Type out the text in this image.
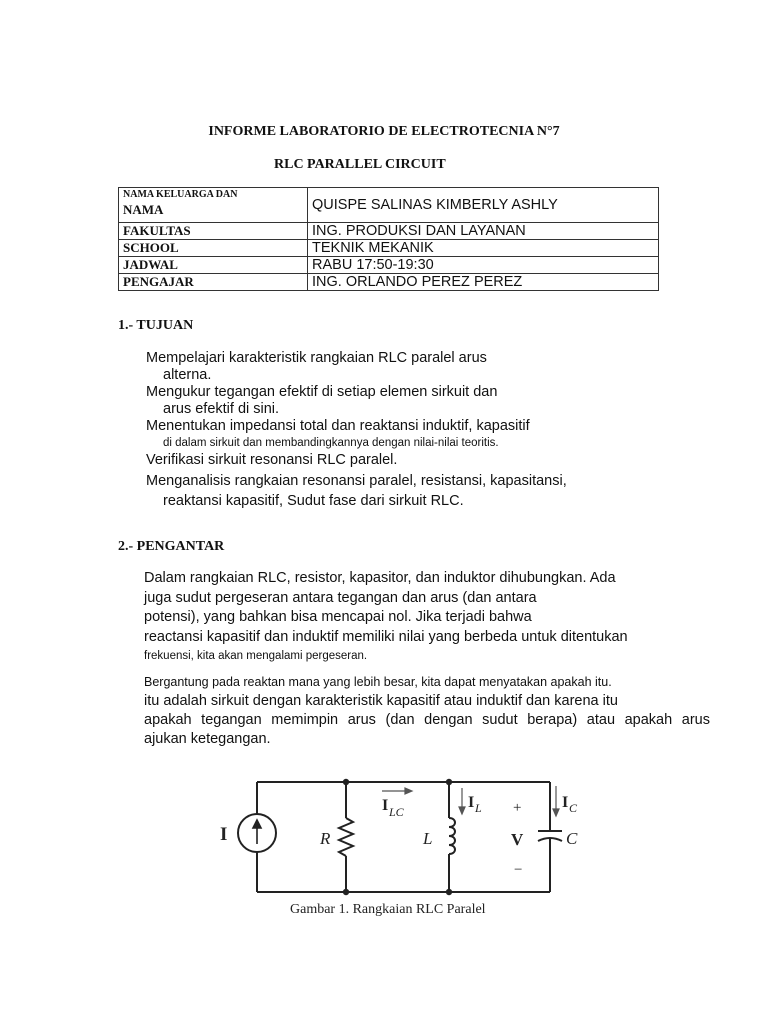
INFORME LABORATORIO DE ELECTROTECNIA N°7
RLC PARALLEL CIRCUIT
NAMA KELUARGA DAN
NAMA	QUISPE SALINAS KIMBERLY ASHLY
FAKULTAS	ING. PRODUKSI DAN LAYANAN
SCHOOL	TEKNIK MEKANIK
JADWAL	RABU 17:50-19:30
PENGAJAR	ING. ORLANDO PEREZ PEREZ
1.- TUJUAN
Mempelajari karakteristik rangkaian RLC paralel arus
alterna.
Mengukur tegangan efektif di setiap elemen sirkuit dan
arus efektif di sini.
Menentukan impedansi total dan reaktansi induktif, kapasitif
di dalam sirkuit dan membandingkannya dengan nilai-nilai teoritis.
Verifikasi sirkuit resonansi RLC paralel.
Menganalisis rangkaian resonansi paralel, resistansi, kapasitansi,
reaktansi kapasitif, Sudut fase dari sirkuit RLC.
2.- PENGANTAR
Dalam rangkaian RLC, resistor, kapasitor, dan induktor dihubungkan. Ada
juga sudut pergeseran antara tegangan dan arus (dan antara
potensi), yang bahkan bisa mencapai nol. Jika terjadi bahwa
reactansi kapasitif dan induktif memiliki nilai yang berbeda untuk ditentukan
frekuensi, kita akan mengalami pergeseran.
Bergantung pada reaktan mana yang lebih besar, kita dapat menyatakan apakah itu.
itu adalah sirkuit dengan karakteristik kapasitif atau induktif dan karena itu
apakah tegangan memimpin arus (dan dengan sudut berapa) atau apakah arus
ajukan ketegangan.
I	R	L	C
V
+
−
I LC
I L	I C
Gambar 1. Rangkaian RLC Paralel
